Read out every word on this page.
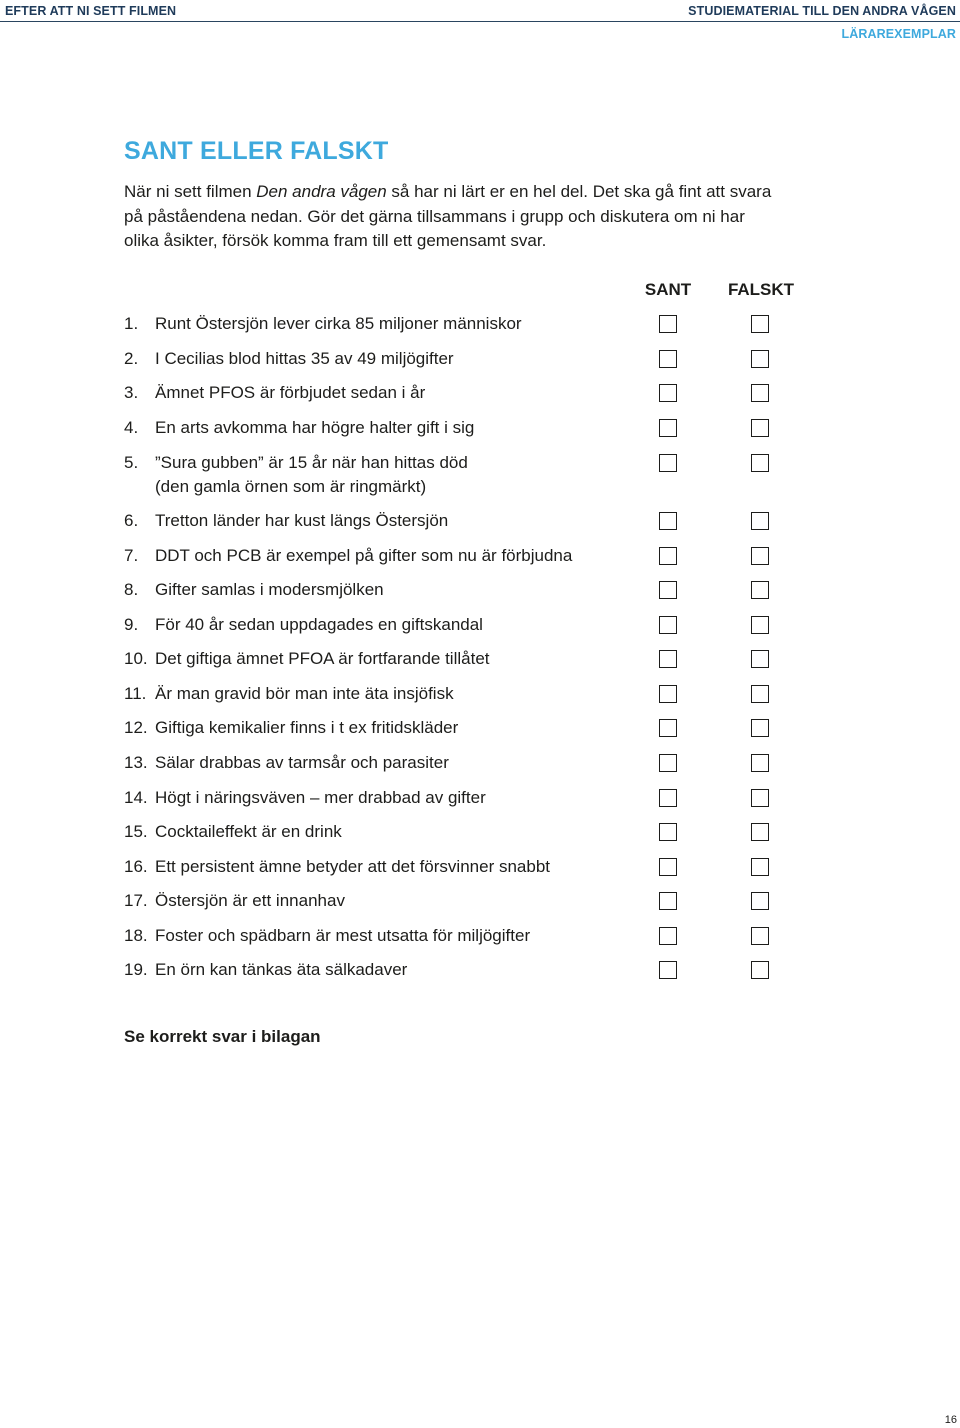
EFTER ATT NI SETT FILMEN	STUDIEMATERIAL TILL DEN ANDRA VÅGEN
LÄRAREXEMPLAR
SANT ELLER FALSKT

När ni sett filmen Den andra vågen så har ni lärt er en hel del. Det ska gå fint att svara på påståendena nedan. Gör det gärna tillsammans i grupp och diskutera om ni har olika åsikter, försök komma fram till ett gemensamt svar.

SANT	FALSKT
1. Runt Östersjön lever cirka 85 miljoner människor
2. I Cecilias blod hittas 35 av 49 miljögifter
3. Ämnet PFOS är förbjudet sedan i år
4. En arts avkomma har högre halter gift i sig
5. ”Sura gubben” är 15 år när han hittas död
(den gamla örnen som är ringmärkt)
6. Tretton länder har kust längs Östersjön
7. DDT och PCB är exempel på gifter som nu är förbjudna
8. Gifter samlas i modersmjölken
9. För 40 år sedan uppdagades en giftskandal
10. Det giftiga ämnet PFOA är fortfarande tillåtet
11. Är man gravid bör man inte äta insjöfisk
12. Giftiga kemikalier finns i t ex fritidskläder
13. Sälar drabbas av tarmsår och parasiter
14. Högt i näringsväven – mer drabbad av gifter
15. Cocktaileffekt är en drink
16. Ett persistent ämne betyder att det försvinner snabbt
17. Östersjön är ett innanhav
18. Foster och spädbarn är mest utsatta för miljögifter
19. En örn kan tänkas äta sälkadaver
Se korrekt svar i bilagan
16
